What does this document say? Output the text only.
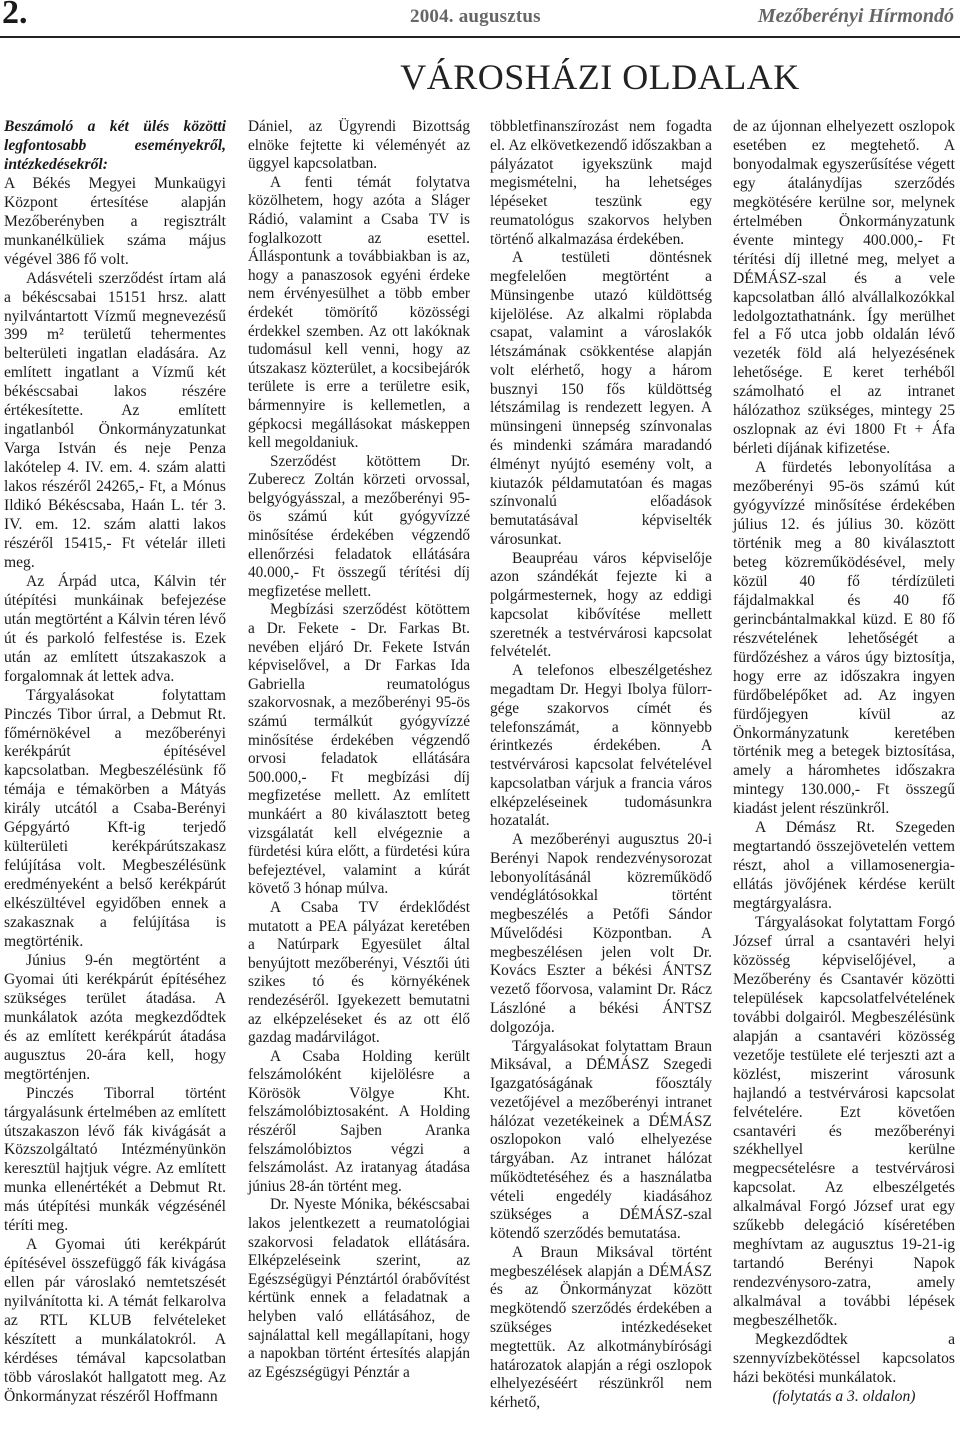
2.	2004. augusztus	Mezőberényi Hírmondó
VÁROSHÁZI OLDALAK

Beszámoló a két ülés közötti legfontosabb eseményekről, intézkedésekről:

A Békés Megyei Munkaügyi Központ értesítése alapján Mezőberényben a regisztrált munkanélküliek száma május végével 386 fő volt.

Adásvételi szerződést írtam alá a békéscsabai 15151 hrsz. alatt nyilvántartott Vízmű megnevezésű 399 m² területű tehermentes belterületi ingatlan eladására. Az említett ingatlant a Vízmű két békéscsabai lakos részére értékesítette. Az említett ingatlanból Önkormányzatunkat Varga István és neje Penza lakótelep 4. IV. em. 4. szám alatti lakos részéről 24265,- Ft, a Mónus Ildikó Békéscsaba, Haán L. tér 3. IV. em. 12. szám alatti lakos részéről 15415,- Ft vételár illeti meg.

Az Árpád utca, Kálvin tér útépítési munkáinak befejezése után megtörtént a Kálvin téren lévő út és parkoló felfestése is. Ezek után az említett útszakaszok a forgalomnak át lettek adva.

Tárgyalásokat folytattam Pinczés Tibor úrral, a Debmut Rt. főmérnökével a mezőberényi kerékpárút építésével kapcsolatban. Megbeszélésünk fő témája e témakörben a Mátyás király utcától a Csaba-Berényi Gépgyártó Kft-ig terjedő külterületi kerékpárútszakasz felújítása volt. Megbeszélésünk eredményeként a belső kerékpárút elkészültével egyidőben ennek a szakasznak a felújítása is megtörténik.

Június 9-én megtörtént a Gyomai úti kerékpárút építéséhez szükséges terület átadása. A munkálatok azóta megkezdődtek és az említett kerékpárút átadása augusztus 20-ára kell, hogy megtörténjen.

Pinczés Tiborral történt tárgyalásunk értelmében az említett útszakaszon lévő fák kivágását a Közszolgáltató Intézményünkön keresztül hajtjuk végre. Az említett munka ellenértékét a Debmut Rt. más útépítési munkák végzésénél téríti meg.

A Gyomai úti kerékpárút építésével összefüggő fák kivágása ellen pár városlakó nemtetszését nyilvánította ki. A témát felkarolva az RTL KLUB felvételeket készített a munkálatokról. A kérdéses témával kapcsolatban több városlakót hallgatott meg. Az Önkormányzat részéről Hoffmann

Dániel, az Ügyrendi Bizottság elnöke fejtette ki véleményét az üggyel kapcsolatban.

A fenti témát folytatva közölhetem, hogy azóta a Sláger Rádió, valamint a Csaba TV is foglalkozott az esettel. Álláspontunk a továbbiakban is az, hogy a panaszosok egyéni érdeke nem érvényesülhet a több ember érdekét tömörítő közösségi érdekkel szemben. Az ott lakóknak tudomásul kell venni, hogy az útszakasz közterület, a kocsibejárók területe is erre a területre esik, bármennyire is kellemetlen, a gépkocsi megállásokat máskeppen kell megoldaniuk.

Szerződést kötöttem Dr. Zuberecz Zoltán körzeti orvossal, belgyógyásszal, a mezőberényi 95-ös számú kút gyógyvízzé minősítése érdekében végzendő ellenőrzési feladatok ellátására 40.000,- Ft összegű térítési díj megfizetése mellett.

Megbízási szerződést kötöttem a Dr. Fekete - Dr. Farkas Bt. nevében eljáró Dr. Fekete István képviselővel, a Dr Farkas Ida Gabriella reumatológus szakorvosnak, a mezőberényi 95-ös számú termálkút gyógyvízzé minősítése érdekében végzendő orvosi feladatok ellátására 500.000,- Ft megbízási díj megfizetése mellett. Az említett munkáért a 80 kiválasztott beteg vizsgálatát kell elvégeznie a fürdetési kúra előtt, a fürdetési kúra befejeztével, valamint a kúrát követő 3 hónap múlva.

A Csaba TV érdeklődést mutatott a PEA pályázat keretében a Natúrpark Egyesület által benyújtott mezőberényi, Vésztői úti szikes tó és környékének rendezéséről. Igyekezett bemutatni az elképzeléseket és az ott élő gazdag madárvilágot.

A Csaba Holding került felszámolóként kijelölésre a Körösök Völgye Kht. felszámolóbiztosaként. A Holding részéről Sajben Aranka felszámolóbiztos végzi a felszámolást. Az iratanyag átadása június 28-án történt meg.

Dr. Nyeste Mónika, békéscsabai lakos jelentkezett a reumatológiai szakorvosi feladatok ellátására. Elképzeléseink szerint, az Egészségügyi Pénztártól órabővítést kértünk ennek a feladatnak a helyben való ellátásához, de sajnálattal kell megállapítani, hogy a napokban történt értesítés alapján az Egészségügyi Pénztár a

többletfinanszírozást nem fogadta el. Az elkövetkezendő időszakban a pályázatot igyekszünk majd megismételni, ha lehetséges lépéseket teszünk egy reumatológus szakorvos helyben történő alkalmazása érdekében.

A testületi döntésnek megfelelően megtörtént a Münsingenbe utazó küldöttség kijelölése. Az alkalmi röplabda csapat, valamint a városlakók létszámának csökkentése alapján volt elérhető, hogy a három busznyi 150 fős küldöttség létszámilag is rendezett legyen. A münsingeni ünnepség színvonalas és mindenki számára maradandó élményt nyújtó esemény volt, a kiutazók példamutatóan és magas színvonalú előadások bemutatásával képviselték városunkat.

Beaupréau város képviselője azon szándékát fejezte ki a polgármesternek, hogy az eddigi kapcsolat kibővítése mellett szeretnék a testvérvárosi kapcsolat felvételét.

A telefonos elbeszélgetéshez megadtam Dr. Hegyi Ibolya fülorr-gége szakorvos címét és telefonszámát, a könnyebb érintkezés érdekében. A testvérvárosi kapcsolat felvételével kapcsolatban várjuk a francia város elképzeléseinek tudomásunkra hozatalát.

A mezőberényi augusztus 20-i Berényi Napok rendezvénysorozat lebonyolításánál közreműködő vendéglátósokkal történt megbeszélés a Petőfi Sándor Művelődési Központban. A megbeszélésen jelen volt Dr. Kovács Eszter a békési ÁNTSZ vezető főorvosa, valamint Dr. Rácz Lászlóné a békési ÁNTSZ dolgozója.

Tárgyalásokat folytattam Braun Miksával, a DÉMÁSZ Szegedi Igazgatóságának főosztály vezetőjével a mezőberényi intranet hálózat vezetékeinek a DÉMÁSZ oszlopokon való elhelyezése tárgyában. Az intranet hálózat működtetéséhez és a használatba vételi engedély kiadásához szükséges a DÉMÁSZ-szal kötendő szerződés bemutatása.

A Braun Miksával történt megbeszélések alapján a DÉMÁSZ és az Önkormányzat között megkötendő szerződés érdekében a szükséges intézkedéseket megtettük. Az alkotmánybírósági határozatok alapján a régi oszlopok elhelyezéséért részünkről nem kérhető,

de az újonnan elhelyezett oszlopok esetében ez megtehető. A bonyodalmak egyszerűsítése végett egy átalánydíjas szerződés megkötésére kerülne sor, melynek értelmében Önkormányzatunk évente mintegy 400.000,- Ft térítési díj illetné meg, melyet a DÉMÁSZ-szal és a vele kapcsolatban álló alvállalkozókkal ledolgoztathatnánk. Így merülhet fel a Fő utca jobb oldalán lévő vezeték föld alá helyezésének lehetősége. E keret terhéből számolható el az intranet hálózathoz szükséges, mintegy 25 oszlopnak az évi 1800 Ft + Áfa bérleti díjának kifizetése.

A fürdetés lebonyolítása a mezőberényi 95-ös számú kút gyógyvízzé minősítése érdekében július 12. és július 30. között történik meg a 80 kiválasztott beteg közreműködésével, mely közül 40 fő térdízületi fájdalmakkal és 40 fő gerincbántalmakkal küzd. E 80 fő részvételének lehetőségét a fürdőzéshez a város úgy biztosítja, hogy erre az időszakra ingyen fürdőbelépőket ad. Az ingyen fürdőjegyen kívül az Önkormányzatunk keretében történik meg a betegek biztosítása, amely a háromhetes időszakra mintegy 130.000,- Ft összegű kiadást jelent részünkről.

A Démász Rt. Szegeden megtartandó összejövetelén vettem részt, ahol a villamosenergia-ellátás jövőjének kérdése került megtárgyalásra.

Tárgyalásokat folytattam Forgó József úrral a csantavéri helyi közösség képviselőjével, a Mezőberény és Csantavér közötti települések kapcsolatfelvételének további dolgairól. Megbeszélésünk alapján a csantavéri közösség vezetője testülete elé terjeszti azt a közlést, miszerint városunk hajlandó a testvérvárosi kapcsolat felvételére. Ezt követően csantavéri és mezőberényi székhellyel kerülne megpecsételésre a testvérvárosi kapcsolat. Az elbeszélgetés alkalmával Forgó József urat egy szűkebb delegáció kíséretében meghívtam az augusztus 19-21-ig tartandó Berényi Napok rendezvénysoro-zatra, amely alkalmával a további lépések megbeszélhetők.

Megkezdődtek a szennyvízbekötéssel kapcsolatos házi bekötési munkálatok.

(folytatás a 3. oldalon)
